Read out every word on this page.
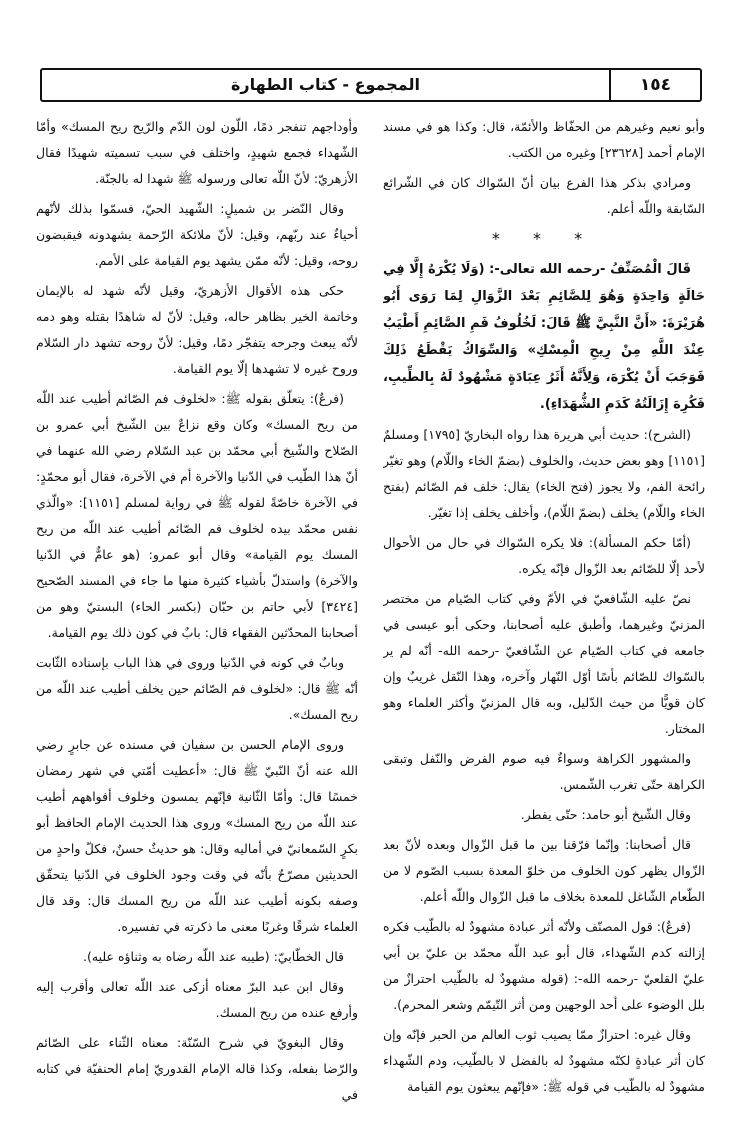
المجموع - كتاب الطهارة	١٥٤

وأبو نعيم وغيرهم من الحفّاظ والأئمّة، قال: وكذا هو في مسند الإمام أحمد [٢٣٦٢٨] وغيره من الكتب.

ومرادي بذكر هذا الفرع بيان أنّ السّواك كان في الشّرائع السّابقة واللّه أعلم.

* * *

قَالَ الْمُصَنِّفُ -رحمه الله تعالى-: (وَلَا يُكْرَهُ إِلَّا فِي حَالَةٍ وَاحِدَةٍ وَهُوَ لِلصَّائِمِ بَعْدَ الزَّوَالِ لِمَا رَوَى أَبُو هُرَيْرَةَ: «أَنَّ النَّبِيَّ ﷺ قَالَ: لَخُلُوفُ فَمِ الصَّائِمِ أَطْيَبُ عِنْدَ اللَّهِ مِنْ رِيحِ الْمِسْكِ» وَالسِّوَاكُ يَقْطَعُ ذَلِكَ فَوَجَبَ أَنْ يُكْرَهَ، وَلِأَنَّهُ أَثَرُ عِبَادَةٍ مَشْهُودٌ لَهُ بِالطِّيبِ، فَكُرِهَ إِزَالَتُهُ كَدَمِ الشُّهَدَاءِ).

(الشرح): حديث أبي هريرة هذا رواه البخاريّ [١٧٩٥] ومسلمٌ [١١٥١] وهو بعض حديث، والخلوف (بضمّ الخاء واللّام) وهو تغيّر رائحة الفم، ولا يجوز (فتح الخاء) يقال: خلف فم الصّائم (بفتح الخاء واللّام) يخلف (بضمّ اللّام)، وأخلف يخلف إذا تغيّر.

(أمّا حكم المسألة): فلا يكره السّواك في حال من الأحوال لأحد إلّا للصّائم بعد الزّوال فإنّه يكره.

نصّ عليه الشّافعيّ في الأمّ وفي كتاب الصّيام من مختصر المزنيّ وغيرهما، وأطبق عليه أصحابنا، وحكى أبو عيسى في جامعه في كتاب الصّيام عن الشّافعيّ -رحمه الله- أنّه لم ير بالسّواك للصّائم بأسًا أوّل النّهار وآخره، وهذا النّقل غريبٌ وإن كان قويًّا من حيث الدّليل، وبه قال المزنيّ وأكثر العلماء وهو المختار.

والمشهور الكراهة وسواءٌ فيه صوم الفرض والنّفل وتبقى الكراهة حتّى تغرب الشّمس.

وقال الشّيخ أبو حامد: حتّى يفطر.

قال أصحابنا: وإنّما فرّقنا بين ما قبل الزّوال وبعده لأنّ بعد الزّوال يظهر كون الخلوف من خلوّ المعدة بسبب الصّوم لا من الطّعام الشّاغل للمعدة بخلاف ما قبل الزّوال واللّه أعلم.

(فرعٌ): قول المصنّف ولأنّه أثر عبادة مشهودٌ له بالطّيب فكره إزالته كدم الشّهداء، قال أبو عبد اللّه محمّد بن عليّ بن أبي عليّ القلعيّ -رحمه الله-: (قوله مشهودٌ له بالطّيب احترازٌ من بلل الوضوء على أحد الوجهين ومن أثر التّيمّم وشعر المحرم).

وقال غيره: احترازٌ ممّا يصيب ثوب العالم من الحبر فإنّه وإن كان أثر عبادةٍ لكنّه مشهودٌ له بالفضل لا بالطّيب، ودم الشّهداء مشهودٌ له بالطّيب في قوله ﷺ: «فإنّهم يبعثون يوم القيامة

وأوداجهم تنفجر دمًا، اللّون لون الدّم والرّيح ريح المسك» وأمّا الشّهداء فجمع شهيدٍ، واختلف في سبب تسميته شهيدًا فقال الأزهريّ: لأنّ اللّه تعالى ورسوله ﷺ شهدا له بالجنّة.

وقال النّضر بن شميلٍ: الشّهيد الحيّ، فسمّوا بذلك لأنّهم أحياءٌ عند ربّهم، وقيل: لأنّ ملائكة الرّحمة يشهدونه فيقبضون روحه، وقيل: لأنّه ممّن يشهد يوم القيامة على الأمم.

حكى هذه الأقوال الأزهريّ، وقيل لأنّه شهد له بالإيمان وخاتمة الخير بظاهر حاله، وقيل: لأنّ له شاهدًا بقتله وهو دمه لأنّه يبعث وجرحه يتفجّر دمًا، وقيل: لأنّ روحه تشهد دار السّلام وروح غيره لا تشهدها إلّا يوم القيامة.

(فرعٌ): يتعلّق بقوله ﷺ: «لخلوف فم الصّائم أطيب عند اللّه من ريح المسك» وكان وقع نزاعٌ بين الشّيخ أبي عمرو بن الصّلاح والشّيخ أبي محمّد بن عبد السّلام رضي الله عنهما في أنّ هذا الطّيب في الدّنيا والآخرة أم في الآخرة، فقال أبو محمّدٍ: في الآخرة خاصّةً لقوله ﷺ في رواية لمسلم [١١٥١]: «والّذي نفس محمّد بيده لخلوف فم الصّائم أطيب عند اللّه من ريح المسك يوم القيامة» وقال أبو عمرو: (هو عامٌّ في الدّنيا والآخرة) واستدلّ بأشياء كثيرة منها ما جاء في المسند الصّحيح [٣٤٢٤] لأبي حاتم بن حبّان (بكسر الحاء) البستيّ وهو من أصحابنا المحدّثين الفقهاء قال: بابٌ في كون ذلك يوم القيامة.

وبابٌ في كونه في الدّنيا وروى في هذا الباب بإسناده الثّابت أنّه ﷺ قال: «لخلوف فم الصّائم حين يخلف أطيب عند اللّه من ريح المسك».

وروى الإمام الحسن بن سفيان في مسنده عن جابرٍ رضي الله عنه أنّ النّبيّ ﷺ قال: «أعطيت أمّتي في شهر رمضان خمسًا قال: وأمّا الثّانية فإنّهم يمسون وخلوف أفواههم أطيب عند اللّه من ريح المسك» وروى هذا الحديث الإمام الحافظ أبو بكرٍ السّمعانيّ في أماليه وقال: هو حديثٌ حسنٌ، فكلّ واحدٍ من الحديثين مصرّحٌ بأنّه في وقت وجود الخلوف في الدّنيا يتحقّق وصفه بكونه أطيب عند اللّه من ريح المسك قال: وقد قال العلماء شرقًا وغربًا معنى ما ذكرته في تفسيره.

قال الخطّابيّ: (طيبه عند اللّه رضاه به وثناؤه عليه).

وقال ابن عبد البرّ معناه أزكى عند اللّه تعالى وأقرب إليه وأرفع عنده من ريح المسك.

وقال البغويّ في شرح السّنّة: معناه الثّناء على الصّائم والرّضا بفعله، وكذا قاله الإمام القدوريّ إمام الحنفيّة في كتابه في
